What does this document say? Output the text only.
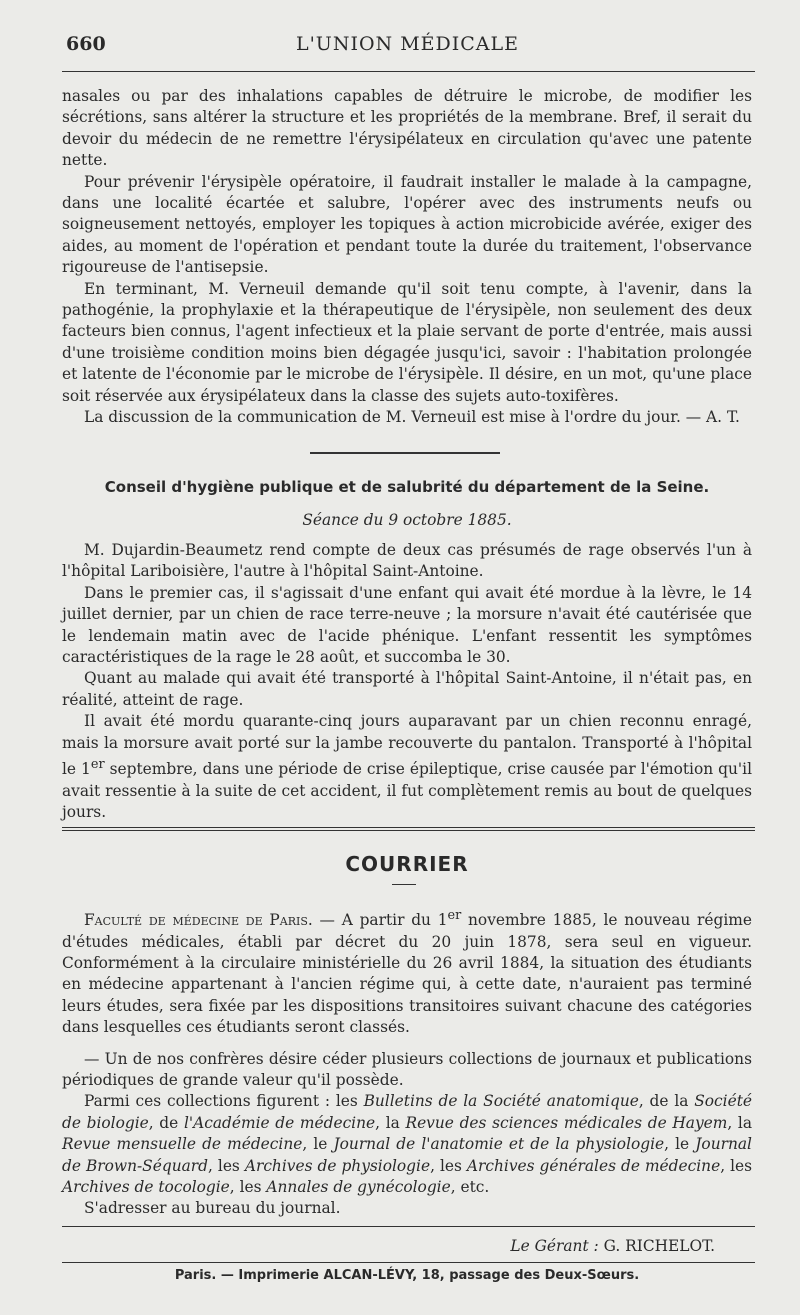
660	L'UNION MÉDICALE

nasales ou par des inhalations capables de détruire le microbe, de modifier les sécrétions, sans altérer la structure et les propriétés de la membrane. Bref, il serait du devoir du médecin de ne remettre l'érysipélateux en circulation qu'avec une patente nette.

Pour prévenir l'érysipèle opératoire, il faudrait installer le malade à la campagne, dans une localité écartée et salubre, l'opérer avec des instruments neufs ou soigneusement nettoyés, employer les topiques à action microbicide avérée, exiger des aides, au moment de l'opération et pendant toute la durée du traitement, l'observance rigoureuse de l'antisepsie.

En terminant, M. Verneuil demande qu'il soit tenu compte, à l'avenir, dans la pathogénie, la prophylaxie et la thérapeutique de l'érysipèle, non seulement des deux facteurs bien connus, l'agent infectieux et la plaie servant de porte d'entrée, mais aussi d'une troisième condition moins bien dégagée jusqu'ici, savoir : l'habitation prolongée et latente de l'économie par le microbe de l'érysipèle. Il désire, en un mot, qu'une place soit réservée aux érysipélateux dans la classe des sujets auto-toxifères.

La discussion de la communication de M. Verneuil est mise à l'ordre du jour. — A. T.

Conseil d'hygiène publique et de salubrité du département de la Seine.
Séance du 9 octobre 1885.

M. Dujardin-Beaumetz rend compte de deux cas présumés de rage observés l'un à l'hôpital Lariboisière, l'autre à l'hôpital Saint-Antoine.

Dans le premier cas, il s'agissait d'une enfant qui avait été mordue à la lèvre, le 14 juillet dernier, par un chien de race terre-neuve ; la morsure n'avait été cautérisée que le lendemain matin avec de l'acide phénique. L'enfant ressentit les symptômes caractéristiques de la rage le 28 août, et succomba le 30.

Quant au malade qui avait été transporté à l'hôpital Saint-Antoine, il n'était pas, en réalité, atteint de rage.

Il avait été mordu quarante-cinq jours auparavant par un chien reconnu enragé, mais la morsure avait porté sur la jambe recouverte du pantalon. Transporté à l'hôpital le 1er septembre, dans une période de crise épileptique, crise causée par l'émotion qu'il avait ressentie à la suite de cet accident, il fut complètement remis au bout de quelques jours.

COURRIER

Faculté de médecine de Paris. — A partir du 1er novembre 1885, le nouveau régime d'études médicales, établi par décret du 20 juin 1878, sera seul en vigueur. Conformément à la circulaire ministérielle du 26 avril 1884, la situation des étudiants en médecine appartenant à l'ancien régime qui, à cette date, n'auraient pas terminé leurs études, sera fixée par les dispositions transitoires suivant chacune des catégories dans lesquelles ces étudiants seront classés.

— Un de nos confrères désire céder plusieurs collections de journaux et publications périodiques de grande valeur qu'il possède.

Parmi ces collections figurent : les Bulletins de la Société anatomique, de la Société de biologie, de l'Académie de médecine, la Revue des sciences médicales de Hayem, la Revue mensuelle de médecine, le Journal de l'anatomie et de la physiologie, le Journal de Brown-Séquard, les Archives de physiologie, les Archives générales de médecine, les Archives de tocologie, les Annales de gynécologie, etc.

S'adresser au bureau du journal.

Le Gérant : G. RICHELOT.
Paris. — Imprimerie ALCAN-LÉVY, 18, passage des Deux-Sœurs.
